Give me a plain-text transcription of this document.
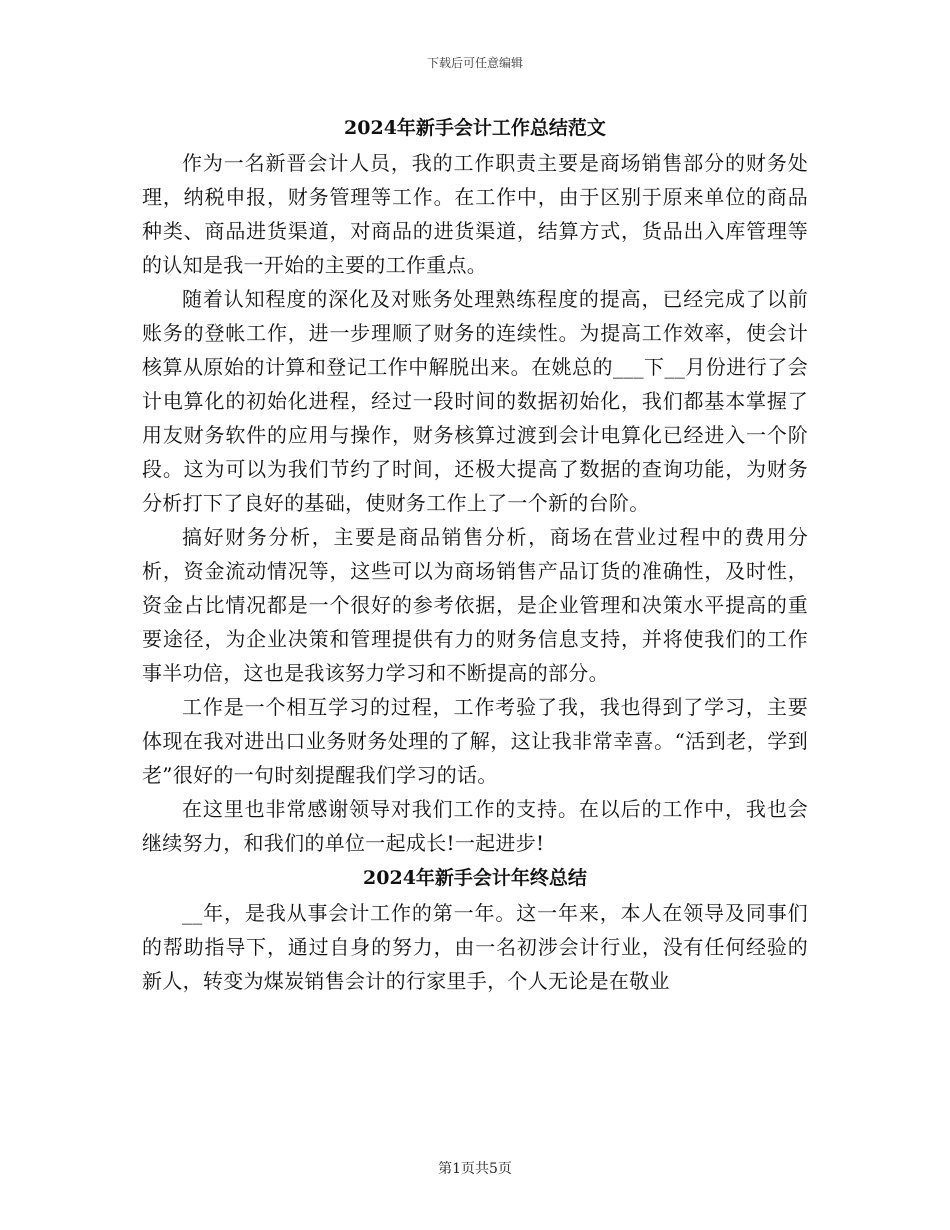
下载后可任意编辑
2024年新手会计工作总结范文

作为一名新晋会计人员，我的工作职责主要是商场销售部分的财务处理，纳税申报，财务管理等工作。在工作中，由于区别于原来单位的商品种类、商品进货渠道，对商品的进货渠道，结算方式，货品出入库管理等的认知是我一开始的主要的工作重点。

随着认知程度的深化及对账务处理熟练程度的提高，已经完成了以前账务的登帐工作，进一步理顺了财务的连续性。为提高工作效率，使会计核算从原始的计算和登记工作中解脱出来。在姚总的___下__月份进行了会计电算化的初始化进程，经过一段时间的数据初始化，我们都基本掌握了用友财务软件的应用与操作，财务核算过渡到会计电算化已经进入一个阶段。这为可以为我们节约了时间，还极大提高了数据的查询功能，为财务分析打下了良好的基础，使财务工作上了一个新的台阶。

搞好财务分析，主要是商品销售分析，商场在营业过程中的费用分析，资金流动情况等，这些可以为商场销售产品订货的准确性，及时性，资金占比情况都是一个很好的参考依据，是企业管理和决策水平提高的重要途径，为企业决策和管理提供有力的财务信息支持，并将使我们的工作事半功倍，这也是我该努力学习和不断提高的部分。

工作是一个相互学习的过程，工作考验了我，我也得到了学习，主要体现在我对进出口业务财务处理的了解，这让我非常幸喜。“活到老，学到老”很好的一句时刻提醒我们学习的话。

在这里也非常感谢领导对我们工作的支持。在以后的工作中，我也会继续努力，和我们的单位一起成长!一起进步!

2024年新手会计年终总结

__年，是我从事会计工作的第一年。这一年来，本人在领导及同事们的帮助指导下，通过自身的努力，由一名初涉会计行业，没有任何经验的新人，转变为煤炭销售会计的行家里手，个人无论是在敬业

第1页共5页
